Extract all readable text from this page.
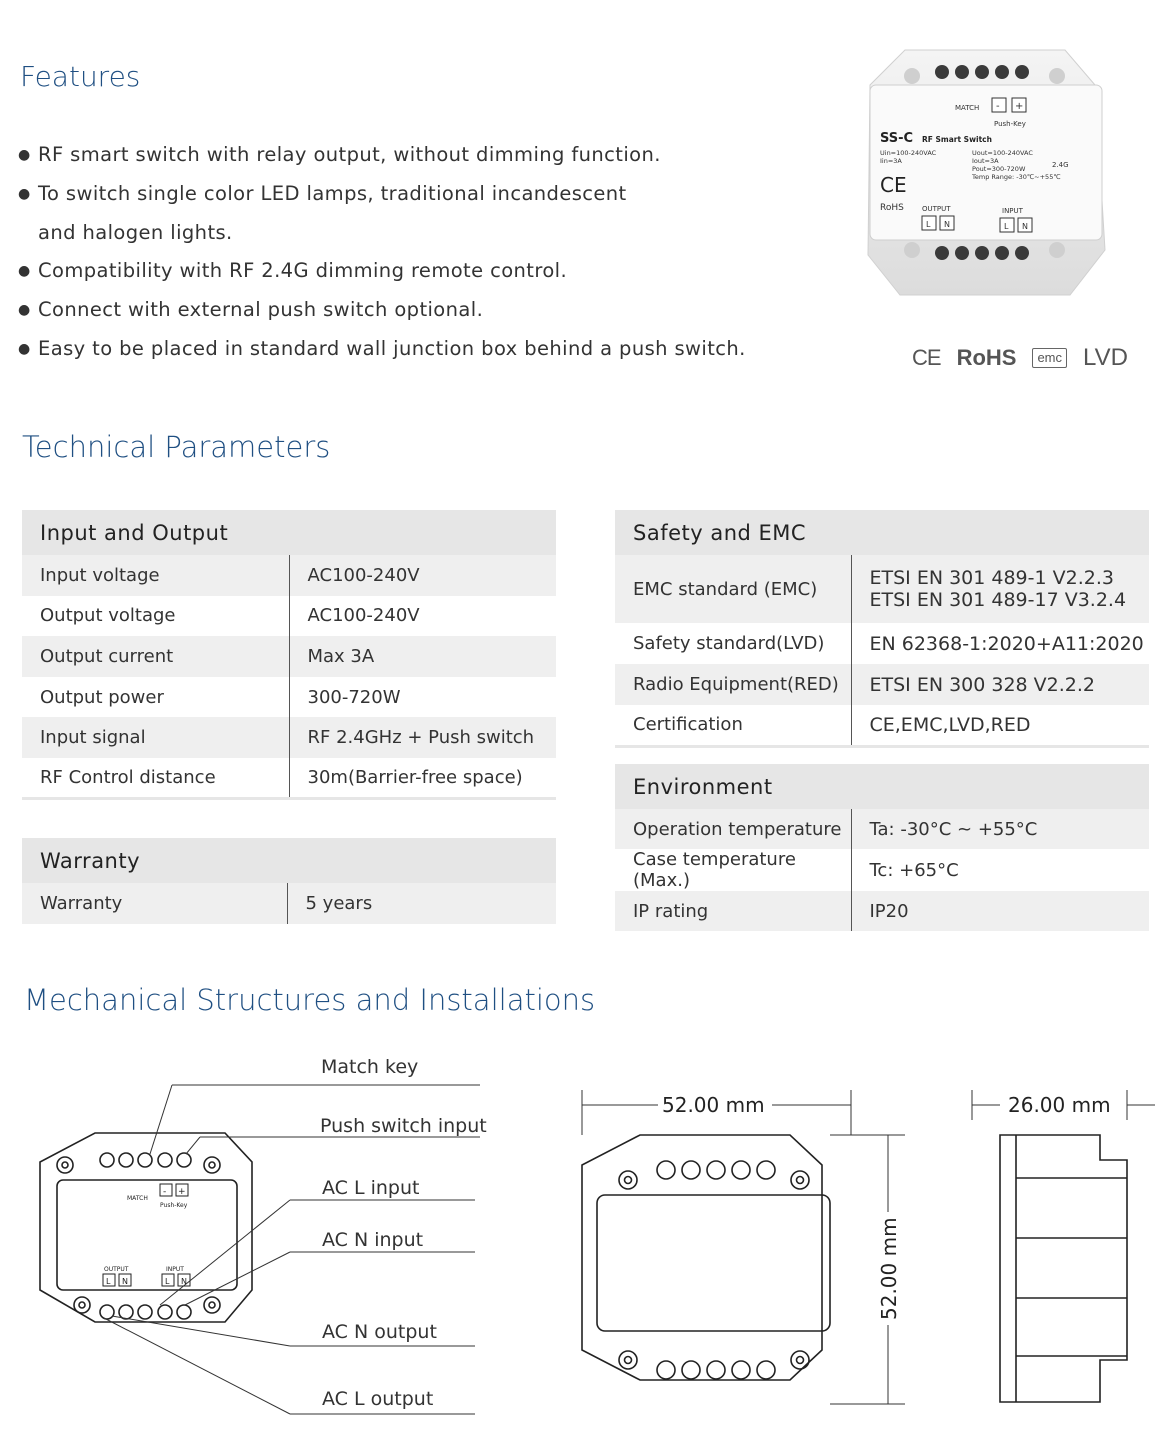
Features
● RF smart switch with relay output, without dimming function.
● To switch single color LED lamps, traditional incandescent
and halogen lights.
● Compatibility with RF 2.4G dimming remote control.
● Connect with external push switch optional.
● Easy to be placed in standard wall junction box behind a push switch.
MATCH - +
Push-Key
SS-C RF Smart Switch
Uin=100-240VAC
Iin=3A
Uout=100-240VAC
Iout=3A
Pout=300-720W
Temp Range: -30℃~+55℃
2.4G
CE
RoHS	OUTPUT	INPUT
L N	L N
CE RoHS	emc LVD
Technical Parameters
Input and Output	
Input voltage	AC100-240V
Output voltage	AC100-240V
Output current	Max 3A
Output power	300-720W
Input signal	RF 2.4GHz + Push switch
RF Control distance	30m(Barrier-free space)
Warranty
Warranty	5 years
Safety and EMC	
EMC standard (EMC)	ETSI EN 301 489-1 V2.2.3
ETSI EN 301 489-17 V3.2.4

Safety standard(LVD)	EN 62368-1:2020+A11:2020
Radio Equipment(RED)	ETSI EN 300 328 V2.2.2
Certification	CE,EMC,LVD,RED
Environment	
Operation temperature	Ta: -30°C ~ +55°C
Case temperature (Max.)	Tc: +65°C
IP rating	IP20
Mechanical Structures and Installations
MATCH
- +
Push-Key
OUTPUT	INPUT
L N	L N
Match key
Push switch input
AC L input
AC N input
AC N output
AC L output
52.00 mm
52.00 mm
26.00 mm
